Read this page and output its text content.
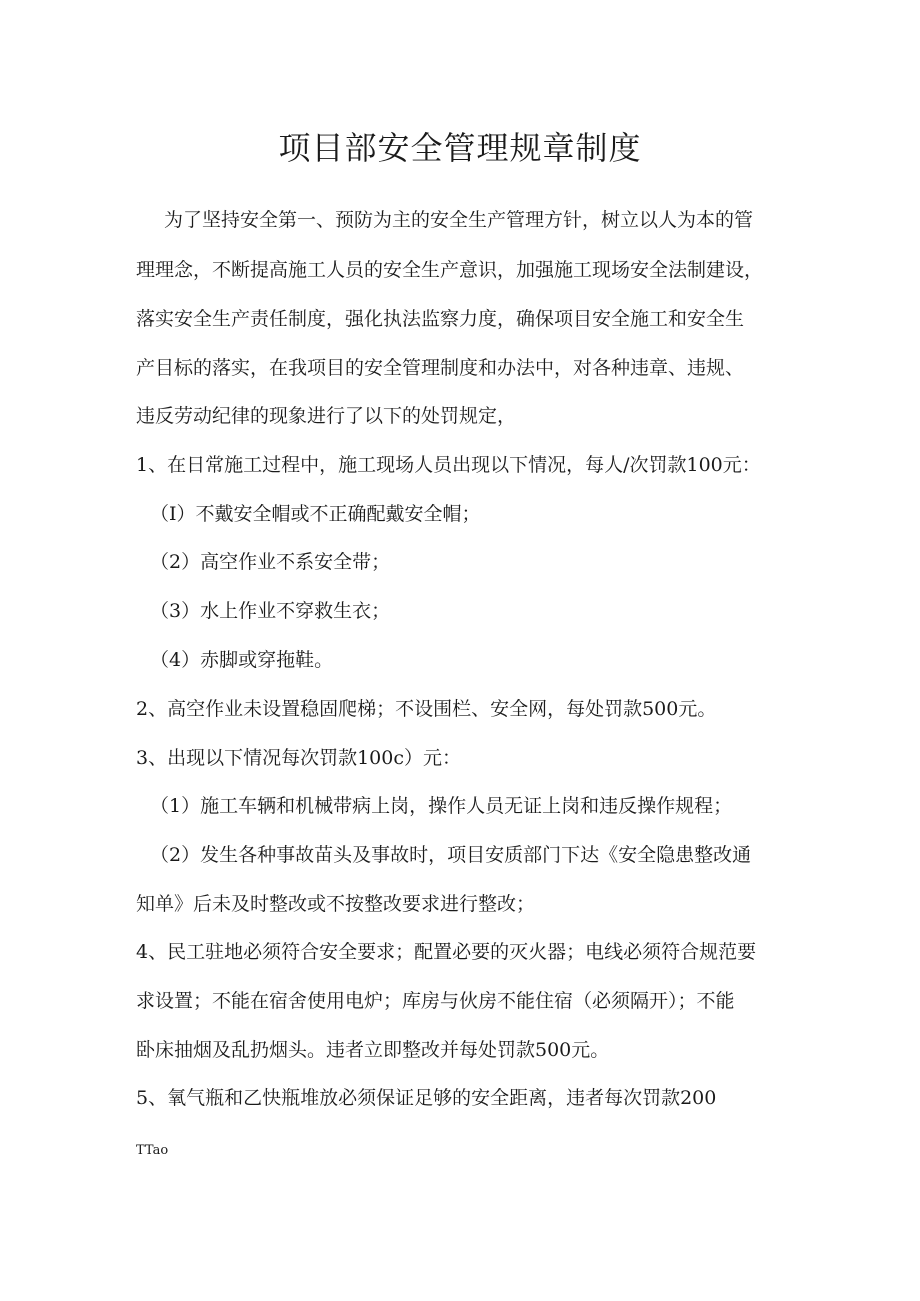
项目部安全管理规章制度

为了坚持安全第一、预防为主的安全生产管理方针，树立以人为本的管

理理念，不断提高施工人员的安全生产意识，加强施工现场安全法制建设，

落实安全生产责任制度，强化执法监察力度，确保项目安全施工和安全生

产目标的落实，在我项目的安全管理制度和办法中，对各种违章、违规、

违反劳动纪律的现象进行了以下的处罚规定，

1、在日常施工过程中，施工现场人员出现以下情况，每人/次罚款100元：

（I）不戴安全帽或不正确配戴安全帽；

（2）高空作业不系安全带；

（3）水上作业不穿救生衣；

（4）赤脚或穿拖鞋。

2、高空作业未设置稳固爬梯；不设围栏、安全网，每处罚款500元。

3、出现以下情况每次罚款100c）元：

（1）施工车辆和机械带病上岗，操作人员无证上岗和违反操作规程；

（2）发生各种事故苗头及事故时，项目安质部门下达《安全隐患整改通

知单》后未及时整改或不按整改要求进行整改；

4、民工驻地必须符合安全要求；配置必要的灭火器；电线必须符合规范要

求设置；不能在宿舍使用电炉；库房与伙房不能住宿（必须隔开）；不能

卧床抽烟及乱扔烟头。违者立即整改并每处罚款500元。

5、氧气瓶和乙快瓶堆放必须保证足够的安全距离，违者每次罚款200

TTao
